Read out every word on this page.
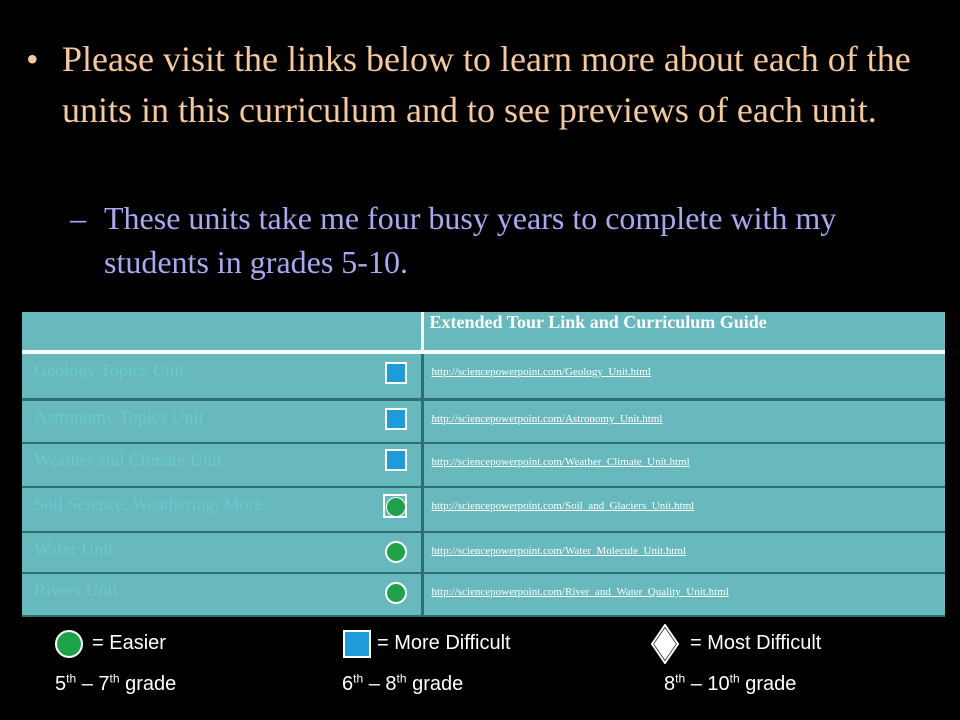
• Please visit the links below to learn more about each of the units in this curriculum and to see previews of each unit.
– These units take me four busy years to complete with my students in grades 5-10.
Earth Science Units	Extended Tour Link and Curriculum Guide
Geology Topics Unit	http://sciencepowerpoint.com/Geology_Unit.html
Astronomy Topics Unit	http://sciencepowerpoint.com/Astronomy_Unit.html
Weather and Climate Unit	http://sciencepowerpoint.com/Weather_Climate_Unit.html
Soil Science, Weathering, More	http://sciencepowerpoint.com/Soil_and_Glaciers_Unit.html
Water Unit	http://sciencepowerpoint.com/Water_Molecule_Unit.html
Rivers Unit	http://sciencepowerpoint.com/River_and_Water_Quality_Unit.html
= Easier
5th – 7th grade
= More Difficult
6th – 8th grade
= Most Difficult
8th – 10th grade
